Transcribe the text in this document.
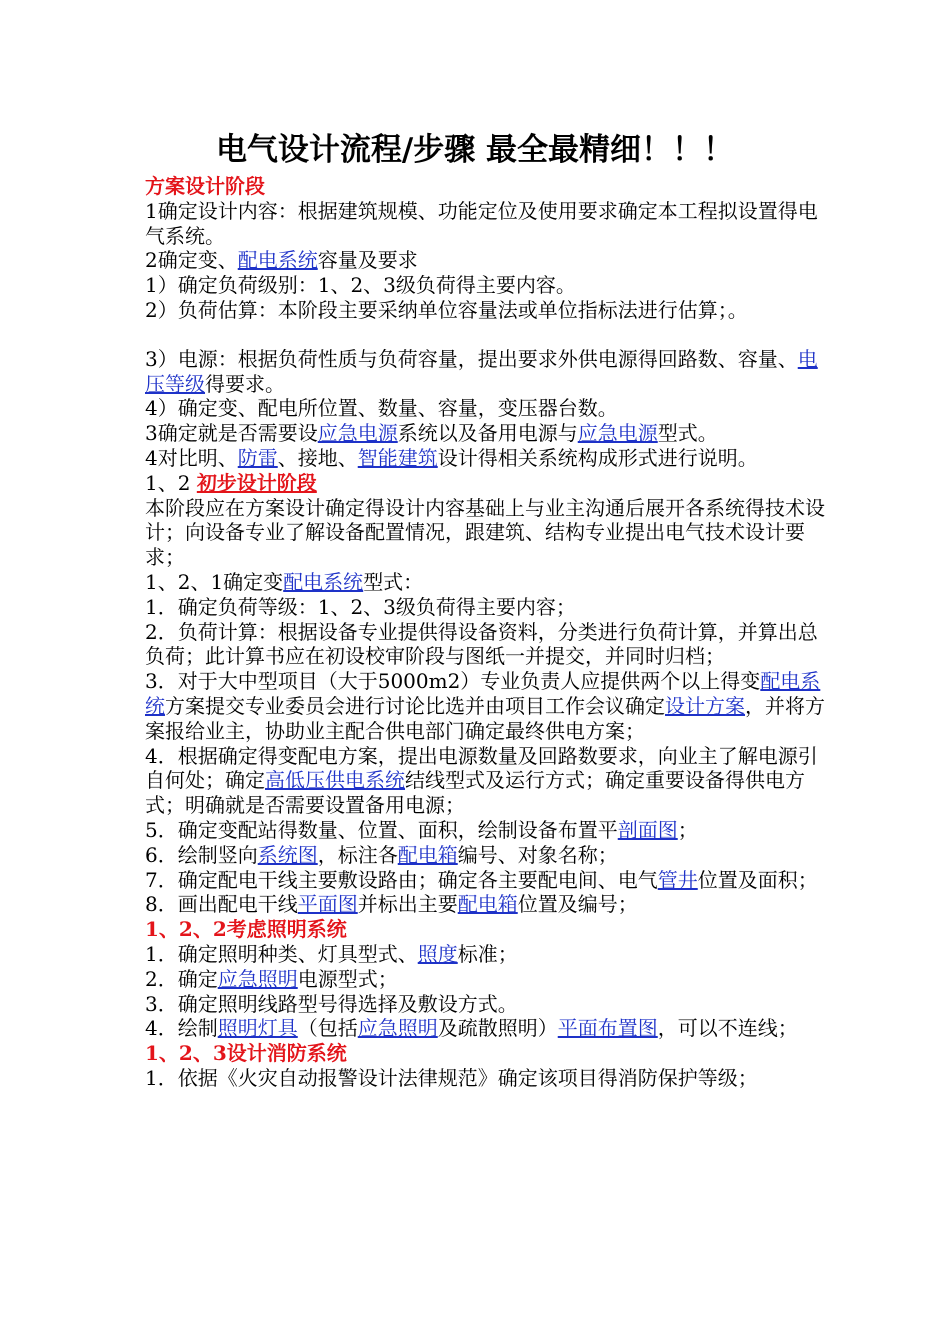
电气设计流程/步骤 最全最精细！！！

方案设计阶段

1确定设计内容：根据建筑规模、功能定位及使用要求确定本工程拟设置得电气系统。

2确定变、配电系统容量及要求

1）确定负荷级别：1、2、3级负荷得主要内容。

2）负荷估算：本阶段主要采纳单位容量法或单位指标法进行估算；。

3）电源：根据负荷性质与负荷容量，提出要求外供电源得回路数、容量、电压等级得要求。

4）确定变、配电所位置、数量、容量，变压器台数。

3确定就是否需要设应急电源系统以及备用电源与应急电源型式。

4对比明、防雷、接地、智能建筑设计得相关系统构成形式进行说明。

1、2 初步设计阶段

本阶段应在方案设计确定得设计内容基础上与业主沟通后展开各系统得技术设计；向设备专业了解设备配置情况，跟建筑、结构专业提出电气技术设计要求；

1、2、1确定变配电系统型式：

1．确定负荷等级：1、2、3级负荷得主要内容；

2．负荷计算：根据设备专业提供得设备资料，分类进行负荷计算，并算出总负荷；此计算书应在初设校审阶段与图纸一并提交，并同时归档；

3．对于大中型项目（大于5000m2）专业负责人应提供两个以上得变配电系统方案提交专业委员会进行讨论比选并由项目工作会议确定设计方案，并将方案报给业主，协助业主配合供电部门确定最终供电方案；

4．根据确定得变配电方案，提出电源数量及回路数要求，向业主了解电源引自何处；确定高低压供电系统结线型式及运行方式；确定重要设备得供电方式；明确就是否需要设置备用电源；

5．确定变配站得数量、位置、面积，绘制设备布置平剖面图；

6．绘制竖向系统图，标注各配电箱编号、对象名称；

7．确定配电干线主要敷设路由；确定各主要配电间、电气管井位置及面积；

8．画出配电干线平面图并标出主要配电箱位置及编号；

1、2、2考虑照明系统

1．确定照明种类、灯具型式、照度标准；

2．确定应急照明电源型式；

3．确定照明线路型号得选择及敷设方式。

4．绘制照明灯具（包括应急照明及疏散照明）平面布置图，可以不连线；

1、2、3设计消防系统

1．依据《火灾自动报警设计法律规范》确定该项目得消防保护等级；
